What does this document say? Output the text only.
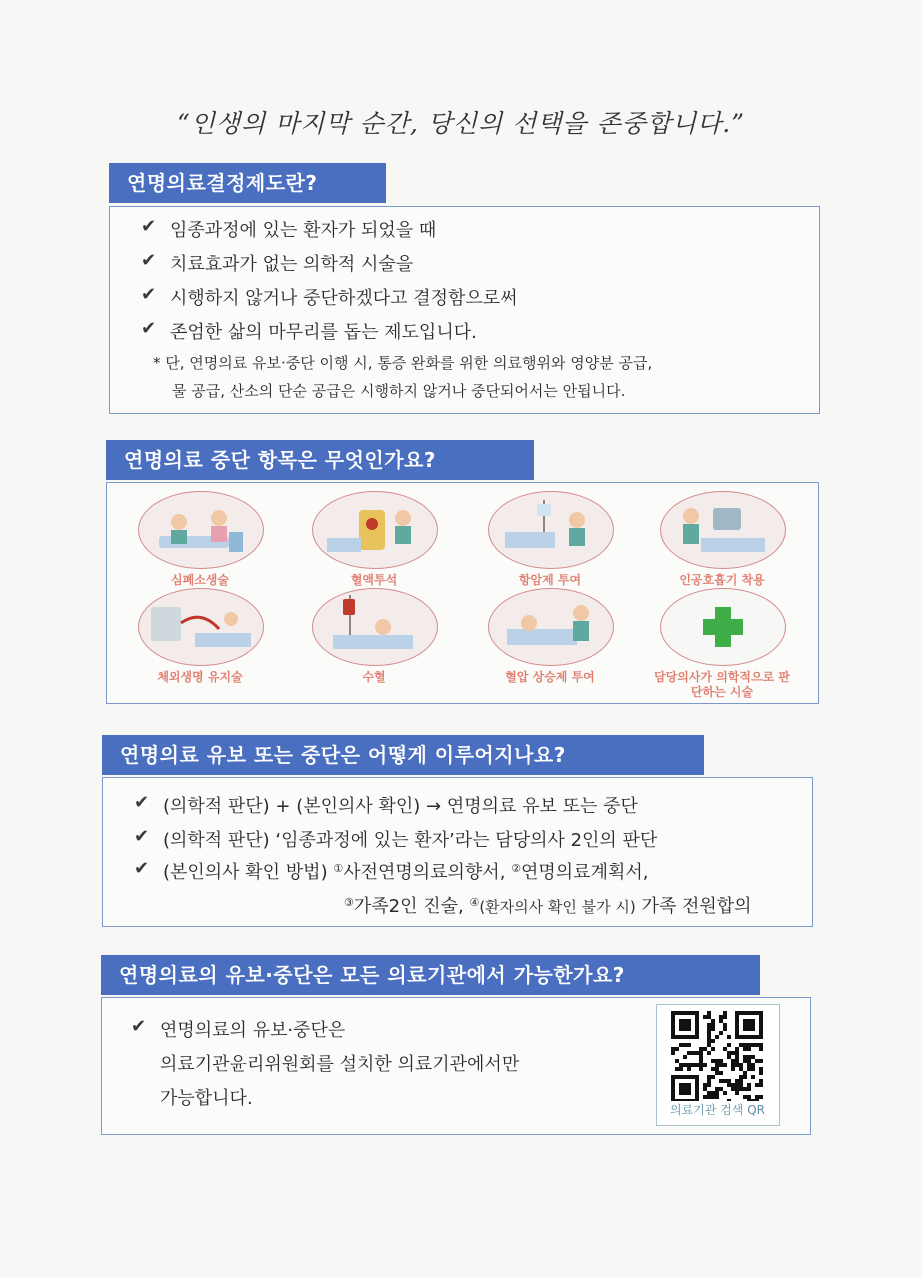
“인생의 마지막 순간, 당신의 선택을 존중합니다.”
연명의료결정제도란?
✔ 임종과정에 있는 환자가 되었을 때
✔ 치료효과가 없는 의학적 시술을
✔ 시행하지 않거나 중단하겠다고 결정함으로써
✔ 존엄한 삶의 마무리를 돕는 제도입니다.
* 단, 연명의료 유보·중단 이행 시, 통증 완화를 위한 의료행위와 영양분 공급,
물 공급, 산소의 단순 공급은 시행하지 않거나 중단되어서는 안됩니다.
연명의료 중단 항목은 무엇인가요?
심폐소생술	혈액투석	항암제 투여	인공호흡기 착용
체외생명 유지술	수혈	혈압 상승제 투여	담당의사가 의학적으로 판단하는 시술
연명의료 유보 또는 중단은 어떻게 이루어지나요?
✔ (의학적 판단) + (본인의사 확인) → 연명의료 유보 또는 중단
✔ (의학적 판단) ‘임종과정에 있는 환자’라는 담당의사 2인의 판단
✔ (본인의사 확인 방법) ①사전연명의료의향서, ②연명의료계획서,
③가족2인 진술, ④(환자의사 확인 불가 시) 가족 전원합의
연명의료의 유보·중단은 모든 의료기관에서 가능한가요?
✔ 연명의료의 유보·중단은
의료기관윤리위원회를 설치한 의료기관에서만
가능합니다.
의료기관 검색 QR
